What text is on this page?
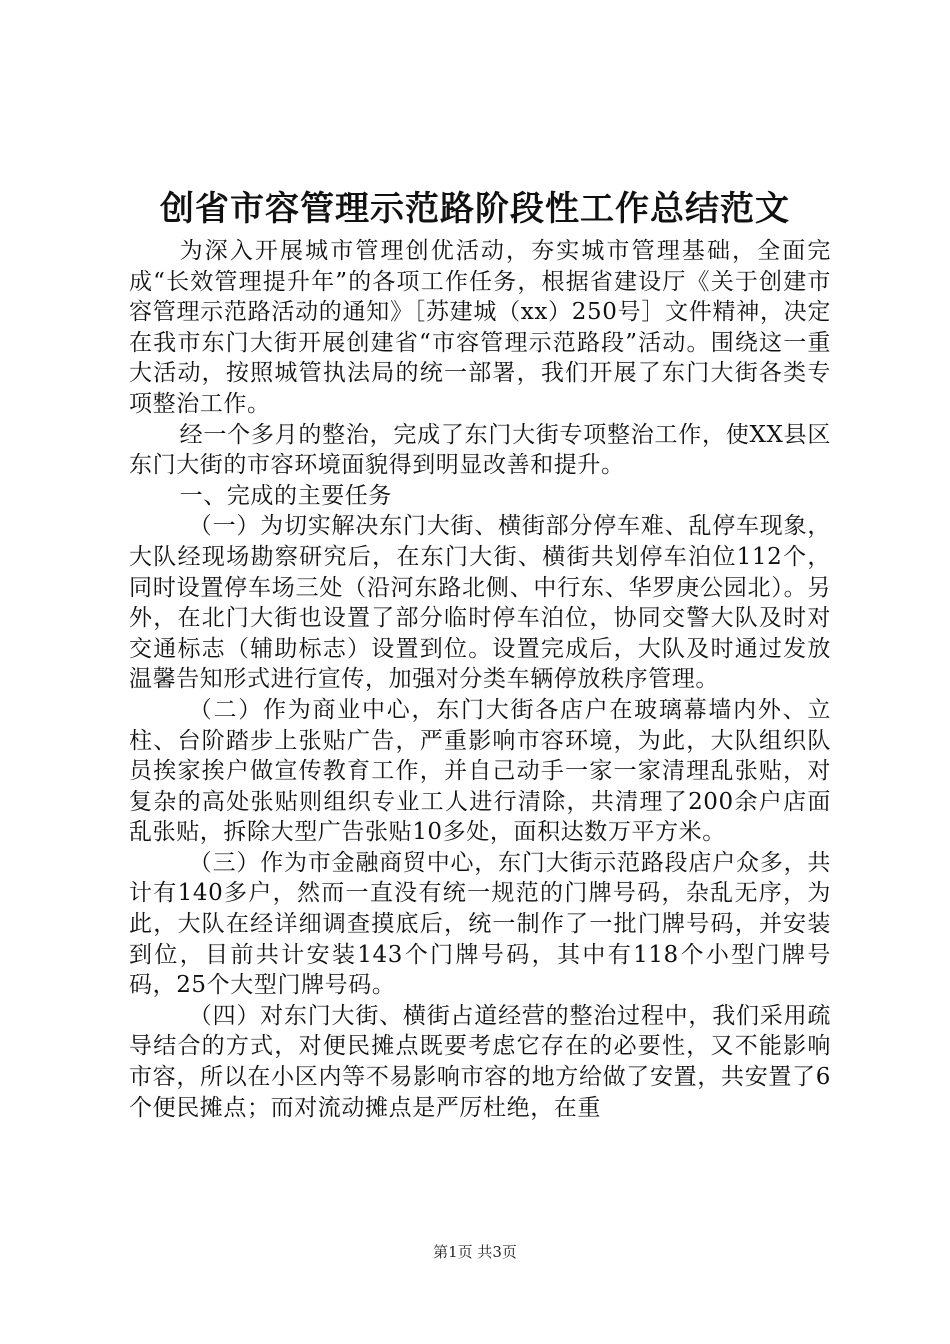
创省市容管理示范路阶段性工作总结范文

为深入开展城市管理创优活动，夯实城市管理基础，全面完成“长效管理提升年”的各项工作任务，根据省建设厅《关于创建市容管理示范路活动的通知》［苏建城（xx）250号］文件精神，决定在我市东门大街开展创建省“市容管理示范路段”活动。围绕这一重大活动，按照城管执法局的统一部署，我们开展了东门大街各类专项整治工作。

经一个多月的整治，完成了东门大街专项整治工作，使XX县区东门大街的市容环境面貌得到明显改善和提升。

一、完成的主要任务

（一）为切实解决东门大街、横街部分停车难、乱停车现象，大队经现场勘察研究后，在东门大街、横街共划停车泊位112个，同时设置停车场三处（沿河东路北侧、中行东、华罗庚公园北）。另外，在北门大街也设置了部分临时停车泊位，协同交警大队及时对交通标志（辅助标志）设置到位。设置完成后，大队及时通过发放温馨告知形式进行宣传，加强对分类车辆停放秩序管理。

（二）作为商业中心，东门大街各店户在玻璃幕墙内外、立柱、台阶踏步上张贴广告，严重影响市容环境，为此，大队组织队员挨家挨户做宣传教育工作，并自己动手一家一家清理乱张贴，对复杂的高处张贴则组织专业工人进行清除，共清理了200余户店面乱张贴，拆除大型广告张贴10多处，面积达数万平方米。

（三）作为市金融商贸中心，东门大街示范路段店户众多，共计有140多户，然而一直没有统一规范的门牌号码，杂乱无序，为此，大队在经详细调查摸底后，统一制作了一批门牌号码，并安装到位，目前共计安装143个门牌号码，其中有118个小型门牌号码，25个大型门牌号码。

（四）对东门大街、横街占道经营的整治过程中，我们采用疏导结合的方式，对便民摊点既要考虑它存在的必要性，又不能影响市容，所以在小区内等不易影响市容的地方给做了安置，共安置了6个便民摊点；而对流动摊点是严厉杜绝，在重

第1页 共3页
